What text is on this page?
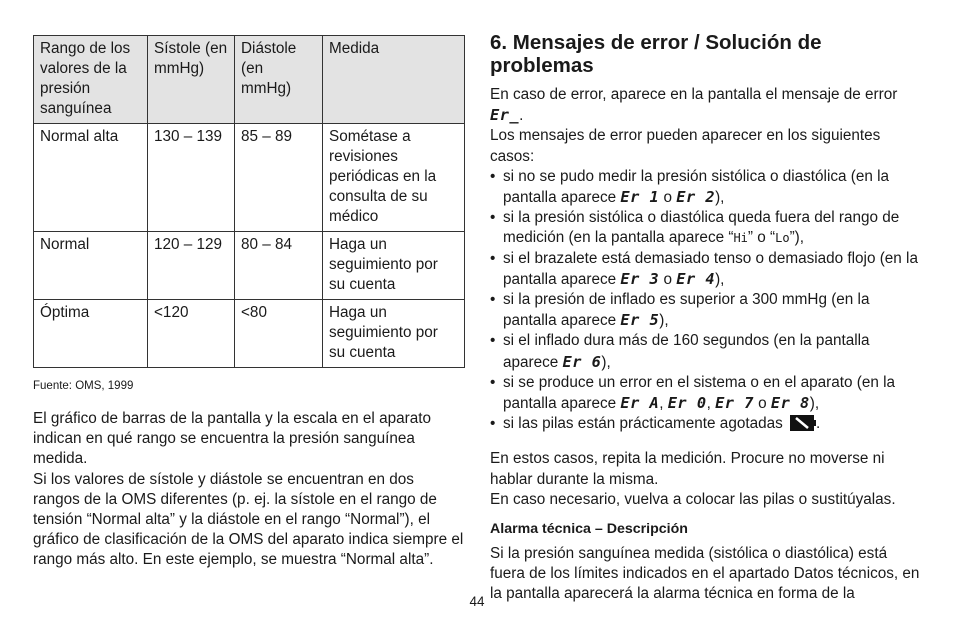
Rango de los valores de la presión sanguínea	Sístole (en mmHg)	Diástole (en mmHg)	Medida
Normal alta	130 – 139	85 – 89	Sométase a revisiones periódicas en la consulta de su médico
Normal	120 – 129	80 – 84	Haga un seguimiento por su cuenta
Óptima	<120	<80	Haga un seguimiento por su cuenta
Fuente: OMS, 1999

El gráfico de barras de la pantalla y la escala en el aparato indican en qué rango se encuentra la presión sanguínea medida.

Si los valores de sístole y diástole se encuentran en dos rangos de la OMS diferentes (p. ej. la sístole en el rango de tensión “Normal alta” y la diástole en el rango “Normal”), el gráfico de clasificación de la OMS del aparato indica siempre el rango más alto. En este ejemplo, se muestra “Normal alta”.

6. Mensajes de error / Solución de problemas

En caso de error, aparece en la pantalla el mensaje de error Er_.

Los mensajes de error pueden aparecer en los siguientes casos:

• si no se pudo medir la presión sistólica o diastólica (en la pantalla aparece Er 1 o Er 2),
• si la presión sistólica o diastólica queda fuera del rango de medición (en la pantalla aparece “Hi” o “Lo”),
• si el brazalete está demasiado tenso o demasiado flojo (en la pantalla aparece Er 3 o Er 4),
• si la presión de inflado es superior a 300 mmHg (en la pantalla aparece Er 5),
• si el inflado dura más de 160 segundos (en la pantalla aparece Er 6),
• si se produce un error en el sistema o en el aparato (en la pantalla aparece Er A, Er 0, Er 7 o Er 8),
• si las pilas están prácticamente agotadas .

En estos casos, repita la medición. Procure no moverse ni hablar durante la misma.

En caso necesario, vuelva a colocar las pilas o sustitúyalas.

Alarma técnica – Descripción

Si la presión sanguínea medida (sistólica o diastólica) está fuera de los límites indicados en el apartado Datos técnicos, en la pantalla aparecerá la alarma técnica en forma de la

44
